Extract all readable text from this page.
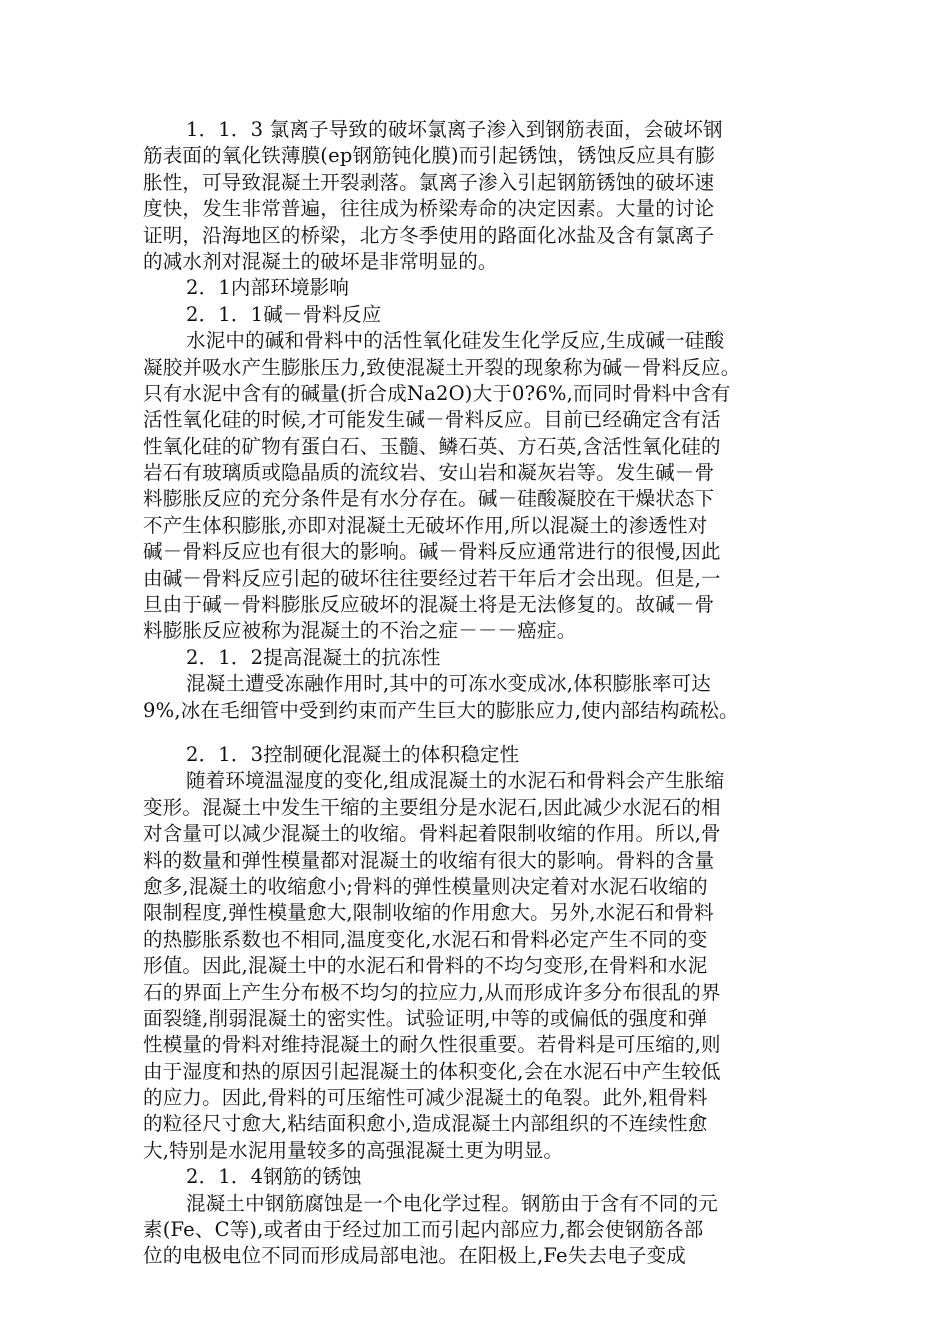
1．1．3 氯离子导致的破坏氯离子渗入到钢筋表面，会破坏钢
筋表面的氧化铁薄膜(ep钢筋钝化膜)而引起锈蚀，锈蚀反应具有膨
胀性，可导致混凝土开裂剥落。氯离子渗入引起钢筋锈蚀的破坏速
度快，发生非常普遍，往往成为桥梁寿命的决定因素。大量的讨论
证明，沿海地区的桥梁，北方冬季使用的路面化冰盐及含有氯离子
的减水剂对混凝土的破坏是非常明显的。
2．1内部环境影响
2．1．1碱－骨料反应
水泥中的碱和骨料中的活性氧化硅发生化学反应,生成碱一硅酸
凝胶并吸水产生膨胀压力,致使混凝土开裂的现象称为碱－骨料反应。
只有水泥中含有的碱量(折合成Na2O)大于0?6%,而同时骨料中含有
活性氧化硅的时候,才可能发生碱－骨料反应。目前已经确定含有活
性氧化硅的矿物有蛋白石、玉髓、鳞石英、方石英,含活性氧化硅的
岩石有玻璃质或隐晶质的流纹岩、安山岩和凝灰岩等。发生碱－骨
料膨胀反应的充分条件是有水分存在。碱－硅酸凝胶在干燥状态下
不产生体积膨胀,亦即对混凝土无破坏作用,所以混凝土的渗透性对
碱－骨料反应也有很大的影响。碱－骨料反应通常进行的很慢,因此
由碱－骨料反应引起的破坏往往要经过若干年后才会出现。但是,一
旦由于碱－骨料膨胀反应破坏的混凝土将是无法修复的。故碱－骨
料膨胀反应被称为混凝土的不治之症－－－癌症。
2．1．2提高混凝土的抗冻性
混凝土遭受冻融作用时,其中的可冻水变成冰,体积膨胀率可达
9%,冰在毛细管中受到约束而产生巨大的膨胀应力,使内部结构疏松。
2．1．3控制硬化混凝土的体积稳定性
随着环境温湿度的变化,组成混凝土的水泥石和骨料会产生胀缩
变形。混凝土中发生干缩的主要组分是水泥石,因此减少水泥石的相
对含量可以减少混凝土的收缩。骨料起着限制收缩的作用。所以,骨
料的数量和弹性模量都对混凝土的收缩有很大的影响。骨料的含量
愈多,混凝土的收缩愈小;骨料的弹性模量则决定着对水泥石收缩的
限制程度,弹性模量愈大,限制收缩的作用愈大。另外,水泥石和骨料
的热膨胀系数也不相同,温度变化,水泥石和骨料必定产生不同的变
形值。因此,混凝土中的水泥石和骨料的不均匀变形,在骨料和水泥
石的界面上产生分布极不均匀的拉应力,从而形成许多分布很乱的界
面裂缝,削弱混凝土的密实性。试验证明,中等的或偏低的强度和弹
性模量的骨料对维持混凝土的耐久性很重要。若骨料是可压缩的,则
由于湿度和热的原因引起混凝土的体积变化,会在水泥石中产生较低
的应力。因此,骨料的可压缩性可减少混凝土的龟裂。此外,粗骨料
的粒径尺寸愈大,粘结面积愈小,造成混凝土内部组织的不连续性愈
大,特别是水泥用量较多的高强混凝土更为明显。
2．1．4钢筋的锈蚀
混凝土中钢筋腐蚀是一个电化学过程。钢筋由于含有不同的元
素(Fe、C等),或者由于经过加工而引起内部应力,都会使钢筋各部
位的电极电位不同而形成局部电池。在阳极上,Fe失去电子变成
